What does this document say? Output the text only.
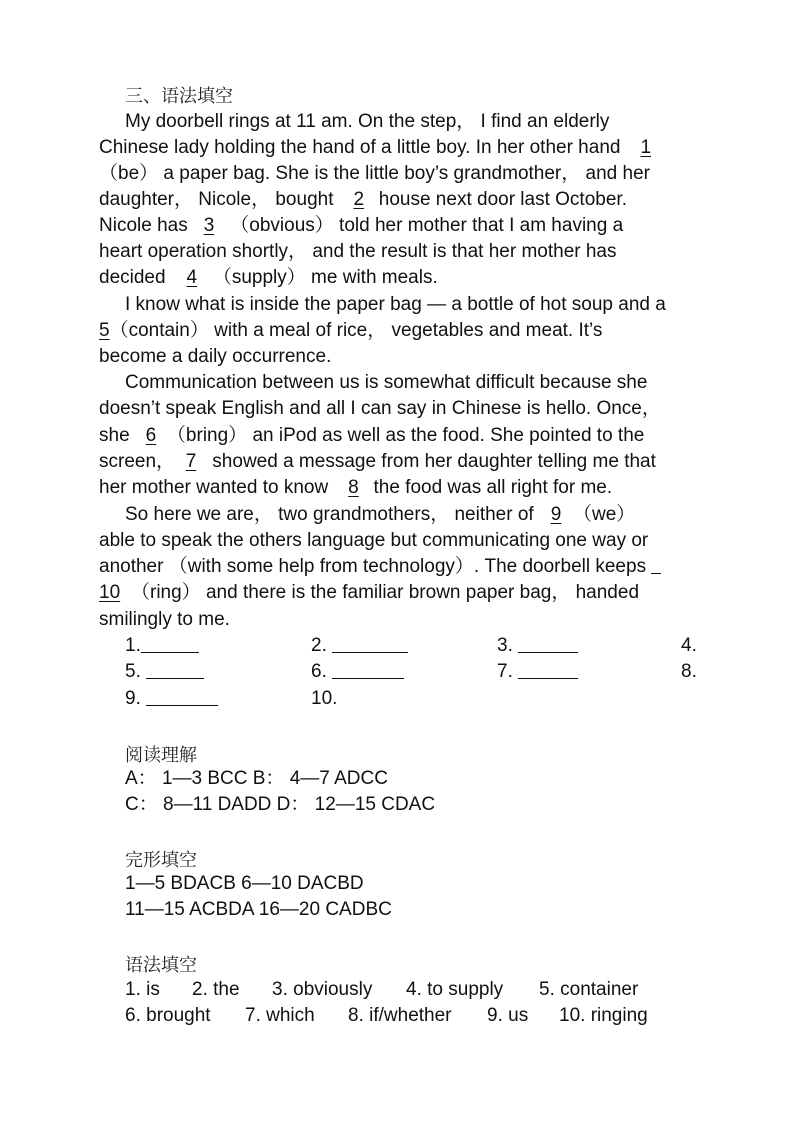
三、语法填空
My doorbell rings at 11 am. On the step， I find an elderly
Chinese lady holding the hand of a little boy. In her other hand 1
（be） a paper bag. She is the little boy’s grandmother， and her
daughter， Nicole， bought 2house next door last October.
Nicole has 3 （obvious） told her mother that I am having a
heart operation shortly， and the result is that her mother has
decided 4（supply） me with meals.
I know what is inside the paper bag — a bottle of hot soup and a
5（contain） with a meal of rice， vegetables and meat. It’s
become a daily occurrence.
Communication between us is somewhat difficult because she
doesn’t speak English and all I can say in Chinese is hello. Once，
she 6（bring） an iPod as well as the food. She pointed to the
screen，7 showed a message from her daughter telling me that
her mother wanted to know 8the food was all right for me.
So here we are， two grandmothers， neither of 9（we）
able to speak the others language but communicating one way or
another （with some help from technology）. The doorbell keeps
10（ring） and there is the familiar brown paper bag， handed
smilingly to me.
1.	2.	3.	4.
5.	6.	7.	8.
9.	10.
阅读理解
A： 1—3 BCC B： 4—7 ADCC
C： 8—11 DADD D： 12—15 CDAC
完形填空
1—5 BDACB 6—10 DACBD
11—15 ACBDA 16—20 CADBC
语法填空
1. is 2. the 3. obviously 4. to supply 5. container
6. brought 7. which 8. if/whether 9. us 10. ringing
